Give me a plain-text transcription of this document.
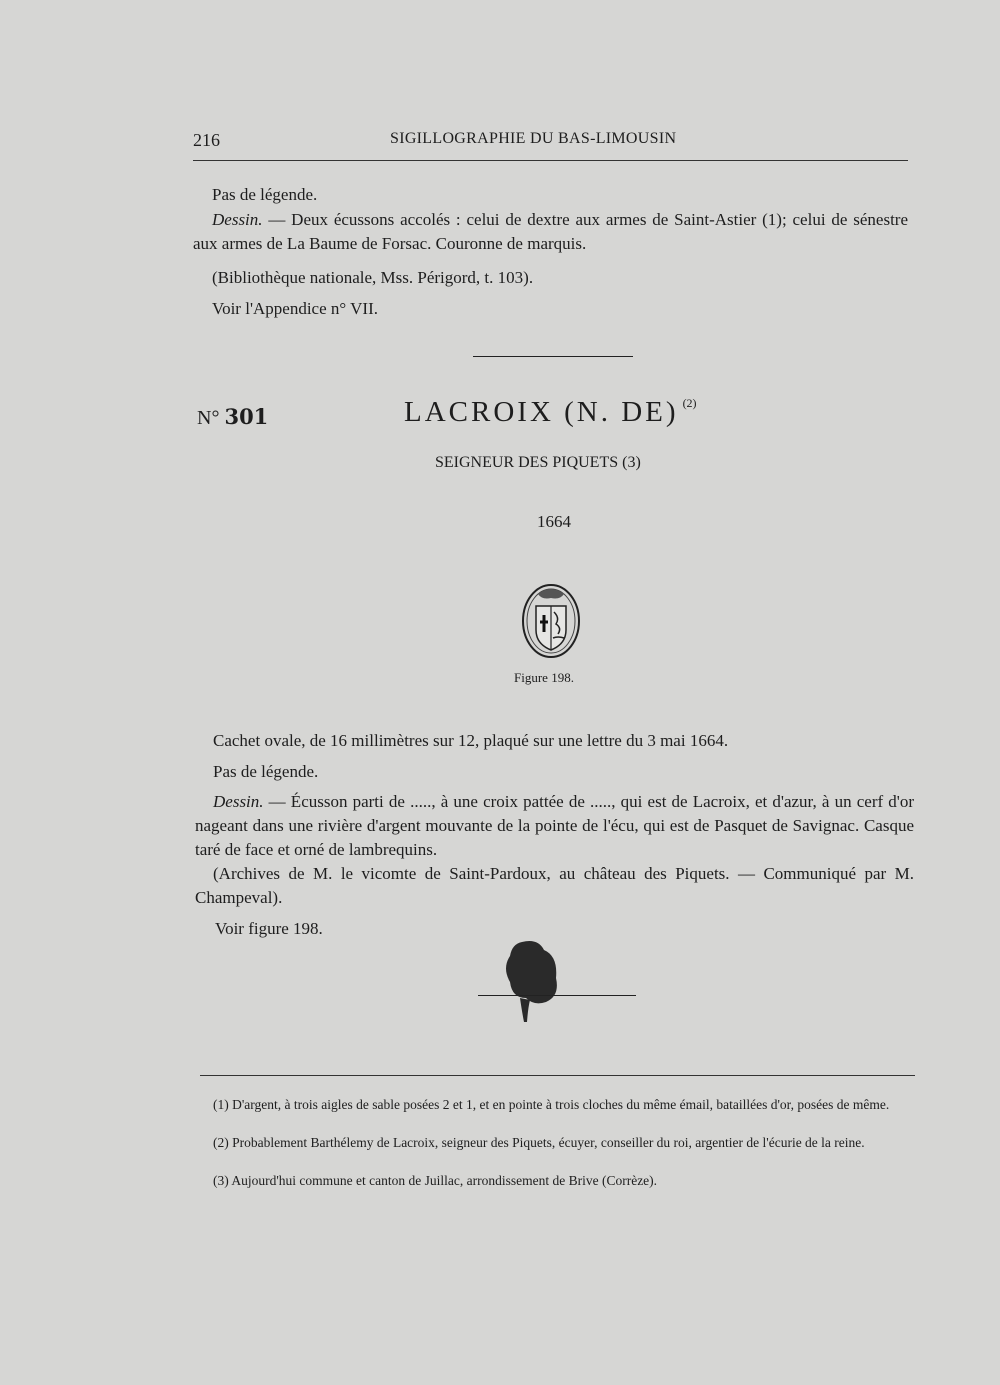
216	SIGILLOGRAPHIE DU BAS-LIMOUSIN
Pas de légende.
Dessin. — Deux écussons accolés : celui de dextre aux armes de Saint-Astier (1); celui de sénestre aux armes de La Baume de Forsac. Couronne de marquis.
(Bibliothèque nationale, Mss. Périgord, t. 103).
Voir l'Appendice n° VII.
N° 301	LACROIX (N. DE) $^{(2)}$
SEIGNEUR DES PIQUETS (3)
1664
Figure 198.
Cachet ovale, de 16 millimètres sur 12, plaqué sur une lettre du 3 mai 1664.
Pas de légende.
Dessin. — Écusson parti de ....., à une croix pattée de ....., qui est de Lacroix, et d'azur, à un cerf d'or nageant dans une rivière d'argent mouvante de la pointe de l'écu, qui est de Pasquet de Savignac. Casque taré de face et orné de lambrequins.
(Archives de M. le vicomte de Saint-Pardoux, au château des Piquets. — Communiqué par M. Champeval).
Voir figure 198.
(1) D'argent, à trois aigles de sable posées 2 et 1, et en pointe à trois cloches du même émail, bataillées d'or, posées de même.
(2) Probablement Barthélemy de Lacroix, seigneur des Piquets, écuyer, conseiller du roi, argentier de l'écurie de la reine.
(3) Aujourd'hui commune et canton de Juillac, arrondissement de Brive (Corrèze).
